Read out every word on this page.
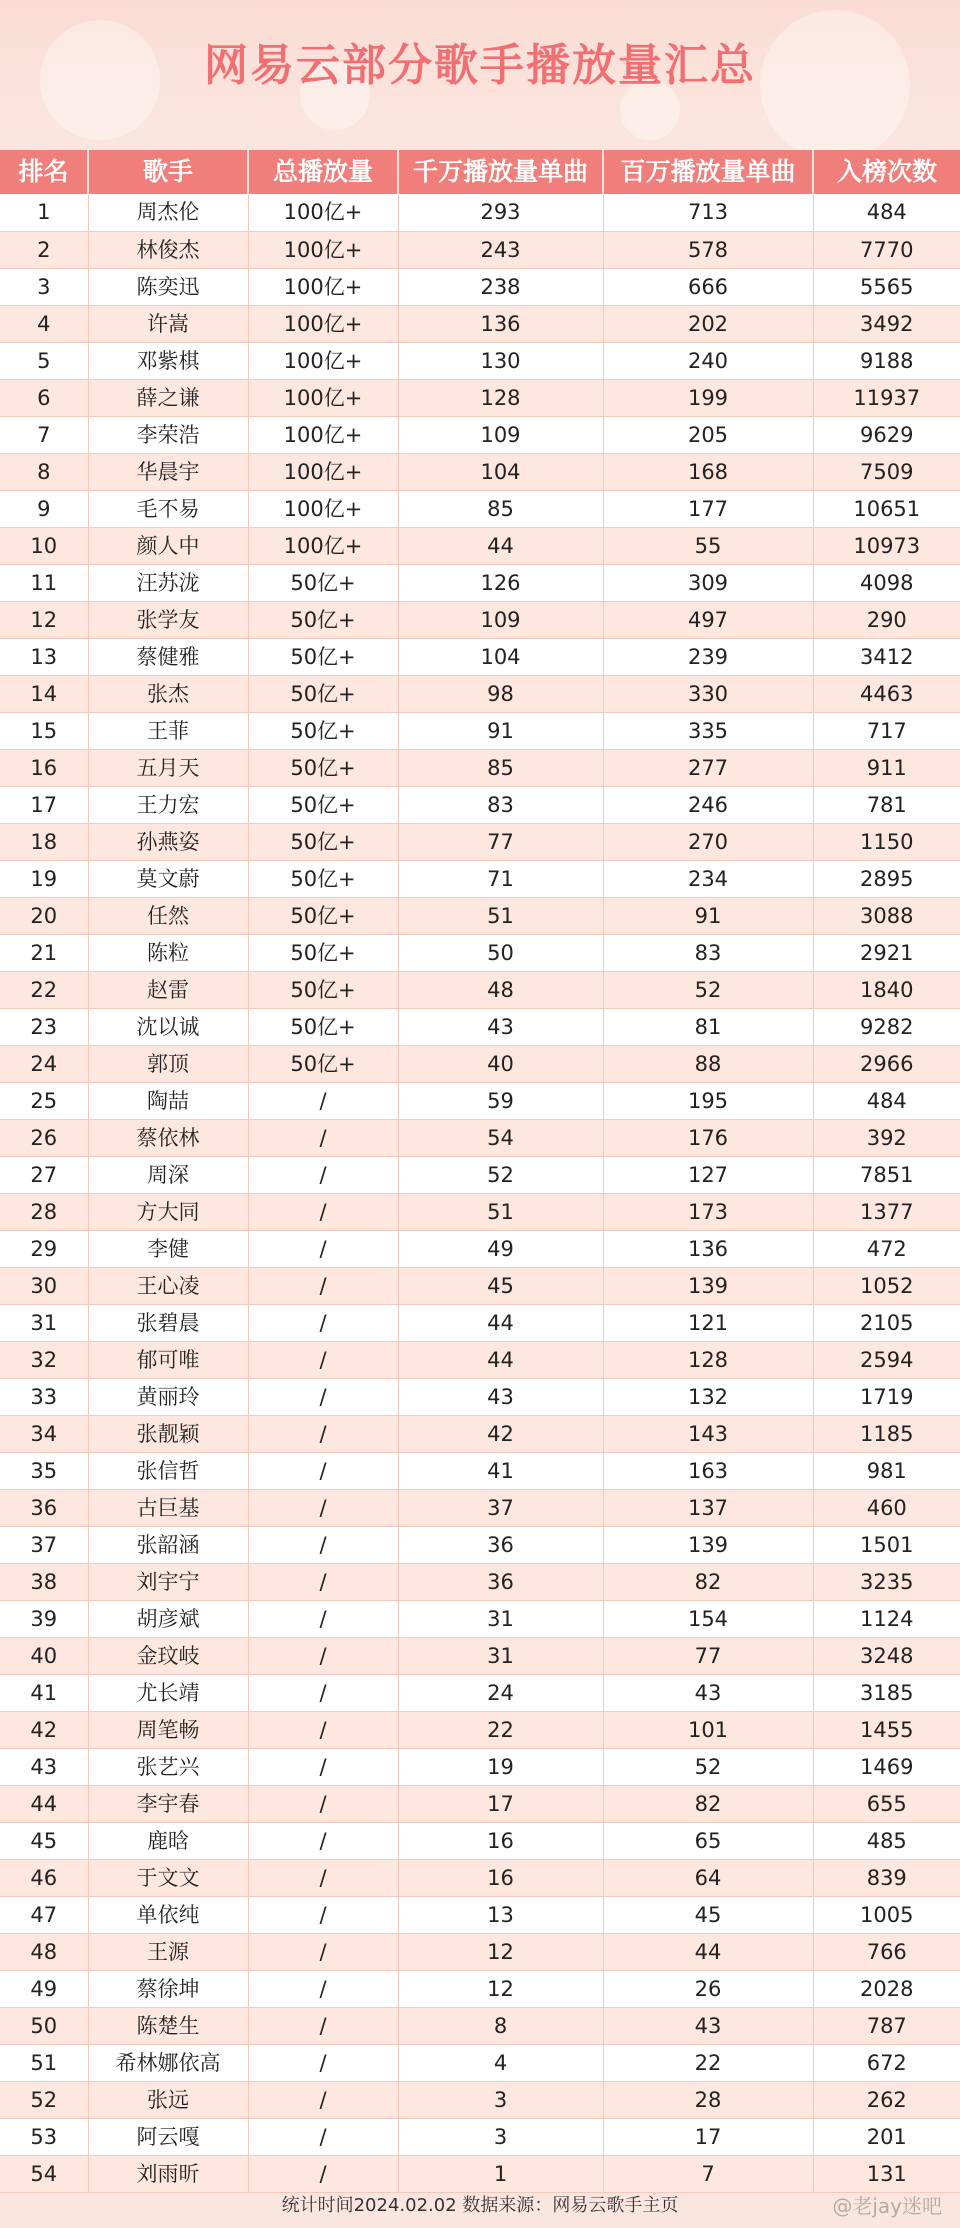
网易云部分歌手播放量汇总
排名	歌手	总播放量	千万播放量单曲	百万播放量单曲	入榜次数
1	周杰伦	100亿+	293	713	484
2	林俊杰	100亿+	243	578	7770
3	陈奕迅	100亿+	238	666	5565
4	许嵩	100亿+	136	202	3492
5	邓紫棋	100亿+	130	240	9188
6	薛之谦	100亿+	128	199	11937
7	李荣浩	100亿+	109	205	9629
8	华晨宇	100亿+	104	168	7509
9	毛不易	100亿+	85	177	10651
10	颜人中	100亿+	44	55	10973
11	汪苏泷	50亿+	126	309	4098
12	张学友	50亿+	109	497	290
13	蔡健雅	50亿+	104	239	3412
14	张杰	50亿+	98	330	4463
15	王菲	50亿+	91	335	717
16	五月天	50亿+	85	277	911
17	王力宏	50亿+	83	246	781
18	孙燕姿	50亿+	77	270	1150
19	莫文蔚	50亿+	71	234	2895
20	任然	50亿+	51	91	3088
21	陈粒	50亿+	50	83	2921
22	赵雷	50亿+	48	52	1840
23	沈以诚	50亿+	43	81	9282
24	郭顶	50亿+	40	88	2966
25	陶喆	/	59	195	484
26	蔡依林	/	54	176	392
27	周深	/	52	127	7851
28	方大同	/	51	173	1377
29	李健	/	49	136	472
30	王心凌	/	45	139	1052
31	张碧晨	/	44	121	2105
32	郁可唯	/	44	128	2594
33	黄丽玲	/	43	132	1719
34	张靓颖	/	42	143	1185
35	张信哲	/	41	163	981
36	古巨基	/	37	137	460
37	张韶涵	/	36	139	1501
38	刘宇宁	/	36	82	3235
39	胡彦斌	/	31	154	1124
40	金玟岐	/	31	77	3248
41	尤长靖	/	24	43	3185
42	周笔畅	/	22	101	1455
43	张艺兴	/	19	52	1469
44	李宇春	/	17	82	655
45	鹿晗	/	16	65	485
46	于文文	/	16	64	839
47	单依纯	/	13	45	1005
48	王源	/	12	44	766
49	蔡徐坤	/	12	26	2028
50	陈楚生	/	8	43	787
51	希林娜依高	/	4	22	672
52	张远	/	3	28	262
53	阿云嘎	/	3	17	201
54	刘雨昕	/	1	7	131
统计时间2024.02.02 数据来源：网易云歌手主页	@老jay迷吧
